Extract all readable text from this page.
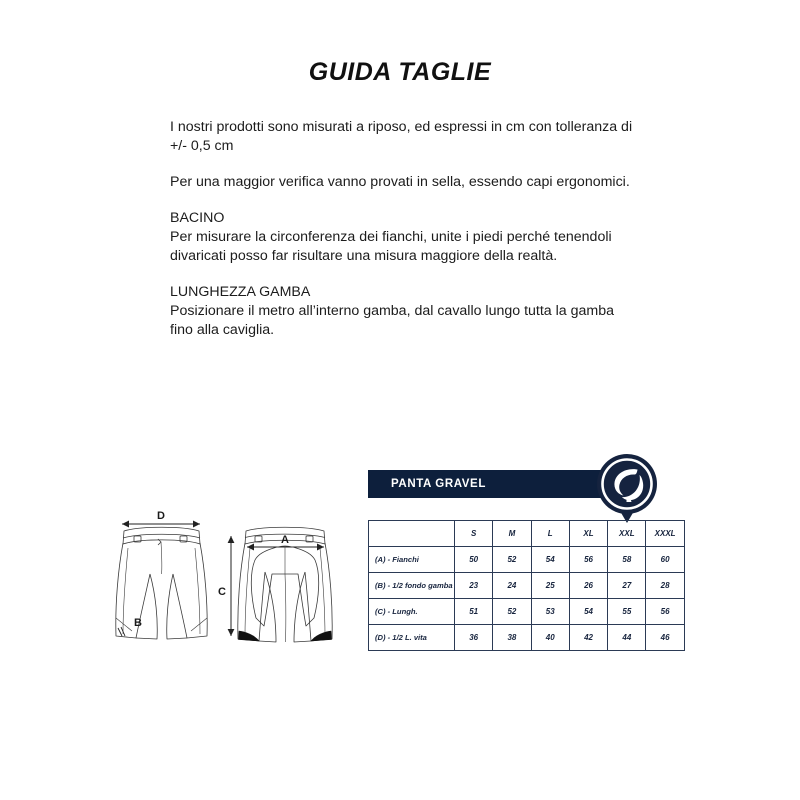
GUIDA TAGLIE
I nostri prodotti sono misurati a riposo, ed espressi in cm con tolleranza di +/- 0,5 cm
Per una maggior verifica vanno provati in sella, essendo capi ergonomici.
BACINO
Per misurare la circonferenza dei fianchi, unite i piedi perché tenendoli divaricati posso far risultare una misura maggiore della realtà.
LUNGHEZZA GAMBA
Posizionare il metro all’interno gamba, dal cavallo lungo tutta la gamba fino alla caviglia.
D
B
A
C
PANTA GRAVEL
	S	M	L	XL	XXL	XXXL
(A) - Fianchi	50	52	54	56	58	60
(B) - 1/2 fondo gamba	23	24	25	26	27	28
(C) - Lungh.	51	52	53	54	55	56
(D) - 1/2 L. vita	36	38	40	42	44	46
